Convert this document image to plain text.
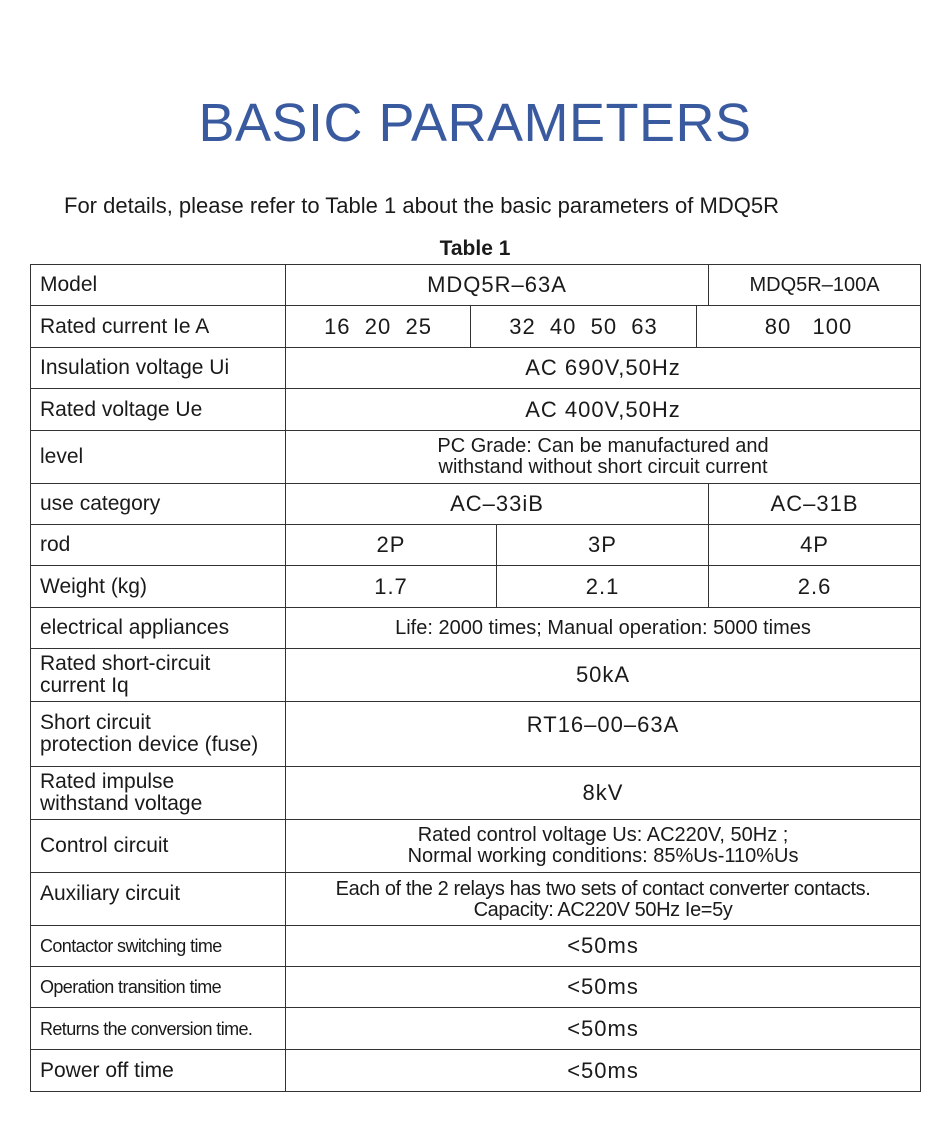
BASIC PARAMETERS
For details, please refer to Table 1 about the basic parameters of MDQ5R
Table 1
Model	MDQ5R–63A				MDQ5R–100A
Rated current Ie A	16  20  25	32  40  50  63		80   100	
Insulation voltage Ui	AC 690V,50Hz				
Rated voltage Ue	AC 400V,50Hz				
level	PC Grade: Can be manufactured and
withstand without short circuit current				

use category	AC–33iB				AC–31B
rod	2P		3P		4P
Weight (kg)	1.7		2.1		2.6
electrical appliances	Life: 2000 times; Manual operation: 5000 times				

Rated short-circuit
current Iq	50kA				

Short circuit
protection device (fuse)	RT16–00–63A				

Rated impulse
withstand voltage	8kV				
Control circuit	Rated control voltage Us: AC220V, 50Hz ;
Normal working conditions: 85%Us-110%Us				

Auxiliary circuit	Each of the 2 relays has two sets of contact converter contacts.
Capacity: AC220V 50Hz Ie=5y				

Contactor switching time	<50ms				
Operation transition time	<50ms				
Returns the conversion time.	<50ms				
Power off time	<50ms				
